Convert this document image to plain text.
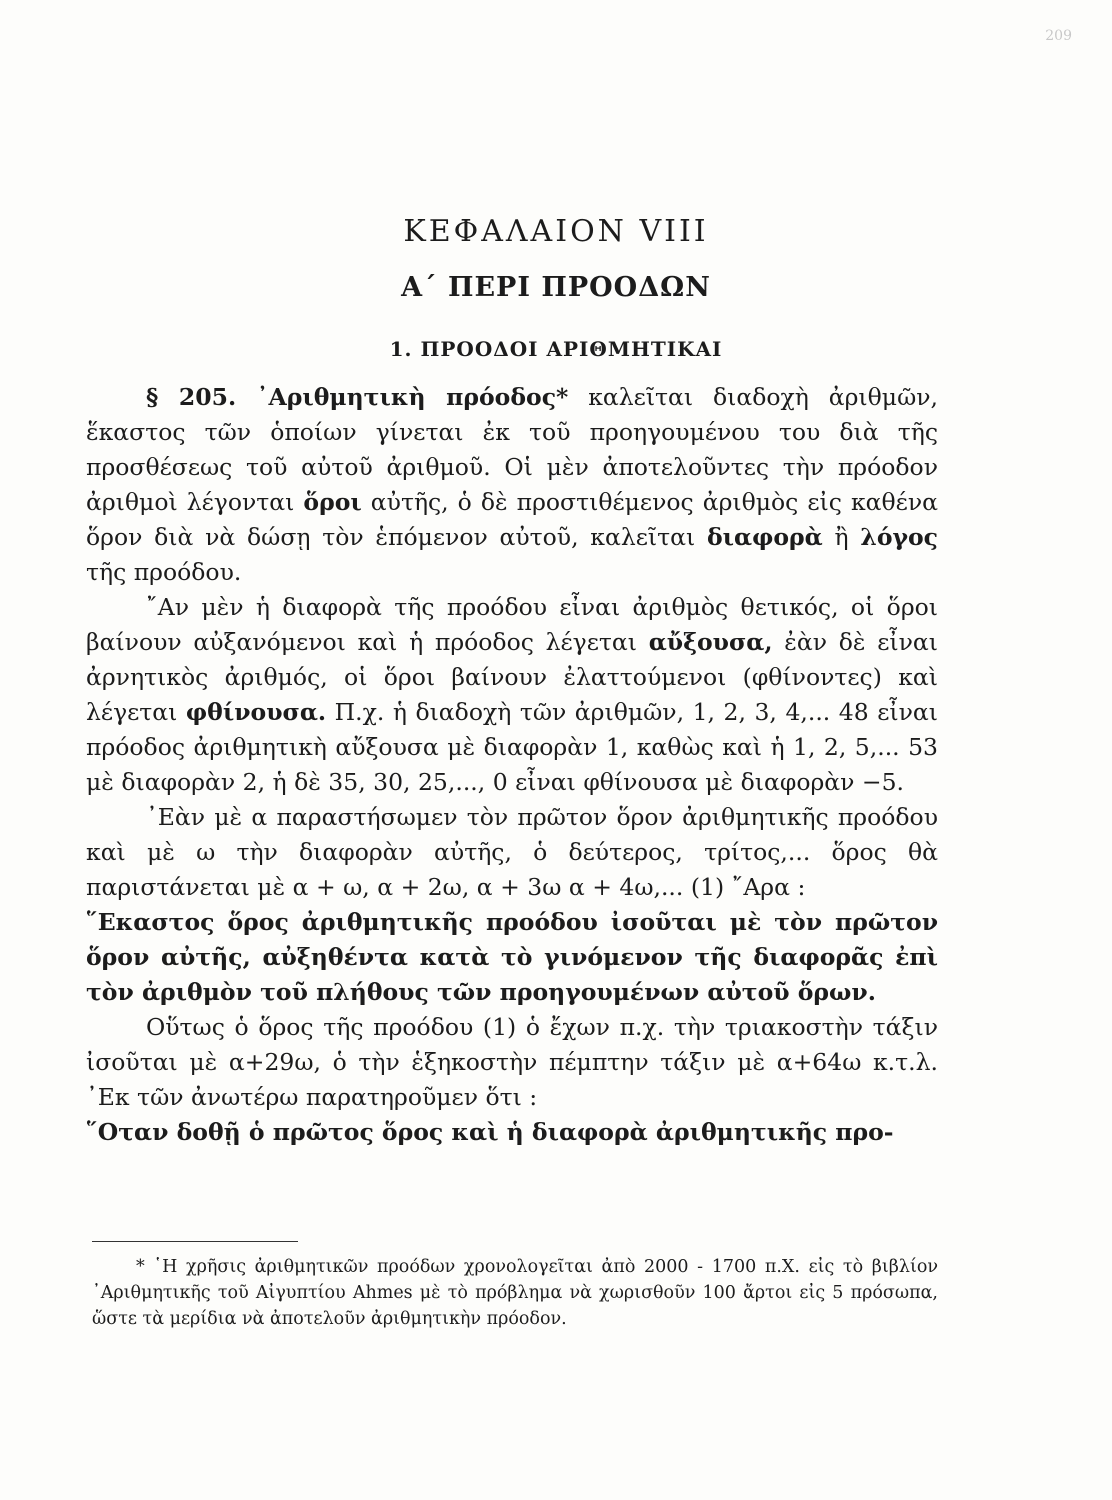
209
ΚΕΦΑΛΑΙΟΝ VIII
Α΄ ΠΕΡΙ ΠΡΟΟΔΩΝ
1. ΠΡΟΟΔΟΙ ΑΡΙΘΜΗΤΙΚΑΙ

§ 205. ᾿Αριθμητικὴ πρόοδος* καλεῖται διαδοχὴ ἀριθμῶν, ἕκαστος τῶν ὁποίων γίνεται ἐκ τοῦ προηγουμένου του διὰ τῆς προσθέσεως τοῦ αὐτοῦ ἀριθμοῦ. Οἱ μὲν ἀποτελοῦντες τὴν πρόοδον ἀριθμοὶ λέγονται ὅροι αὐτῆς, ὁ δὲ προστιθέμενος ἀριθμὸς εἰς καθένα ὅρον διὰ νὰ δώσῃ τὸν ἑπόμενον αὐτοῦ, καλεῖται διαφορὰ ἢ λόγος τῆς προόδου.

῎Αν μὲν ἡ διαφορὰ τῆς προόδου εἶναι ἀριθμὸς θετικός, οἱ ὅροι βαίνουν αὐξανόμενοι καὶ ἡ πρόοδος λέγεται αὔξουσα, ἐὰν δὲ εἶναι ἀρνητικὸς ἀριθμός, οἱ ὅροι βαίνουν ἐλαττούμενοι (φθίνοντες) καὶ λέγεται φθίνουσα. Π.χ. ἡ διαδοχὴ τῶν ἀριθμῶν, 1, 2, 3, 4,... 48 εἶναι πρόοδος ἀριθμητικὴ αὔξουσα μὲ διαφορὰν 1, καθὼς καὶ ἡ 1, 2, 5,... 53 μὲ διαφορὰν 2, ἡ δὲ 35, 30, 25,..., 0 εἶναι φθίνουσα μὲ διαφορὰν −5.

᾿Εὰν μὲ α παραστήσωμεν τὸν πρῶτον ὅρον ἀριθμητικῆς προόδου καὶ μὲ ω τὴν διαφορὰν αὐτῆς, ὁ δεύτερος, τρίτος,... ὅρος θὰ παριστάνεται μὲ α + ω, α + 2ω, α + 3ω α + 4ω,... (1) ῎Αρα :

῞Εκαστος ὅρος ἀριθμητικῆς προόδου ἰσοῦται μὲ τὸν πρῶτον ὅρον αὐτῆς, αὐξηθέντα κατὰ τὸ γινόμενον τῆς διαφορᾶς ἐπὶ τὸν ἀριθμὸν τοῦ πλήθους τῶν προηγουμένων αὐτοῦ ὅρων.

Οὕτως ὁ ὅρος τῆς προόδου (1) ὁ ἔχων π.χ. τὴν τριακοστὴν τάξιν ἰσοῦται μὲ α+29ω, ὁ τὴν ἑξηκοστὴν πέμπτην τάξιν μὲ α+64ω κ.τ.λ. ᾿Εκ τῶν ἀνωτέρω παρατηροῦμεν ὅτι :

῞Οταν δοθῇ ὁ πρῶτος ὅρος καὶ ἡ διαφορὰ ἀριθμητικῆς προ-

* ῾Η χρῆσις ἀριθμητικῶν προόδων χρονολογεῖται ἀπὸ 2000 - 1700 π.Χ. εἰς τὸ βιβλίον ᾿Αριθμητικῆς τοῦ Αἰγυπτίου Ahmes μὲ τὸ πρόβλημα νὰ χωρισθοῦν 100 ἄρτοι εἰς 5 πρόσωπα, ὥστε τὰ μερίδια νὰ ἀποτελοῦν ἀριθμητικὴν πρόοδον.
